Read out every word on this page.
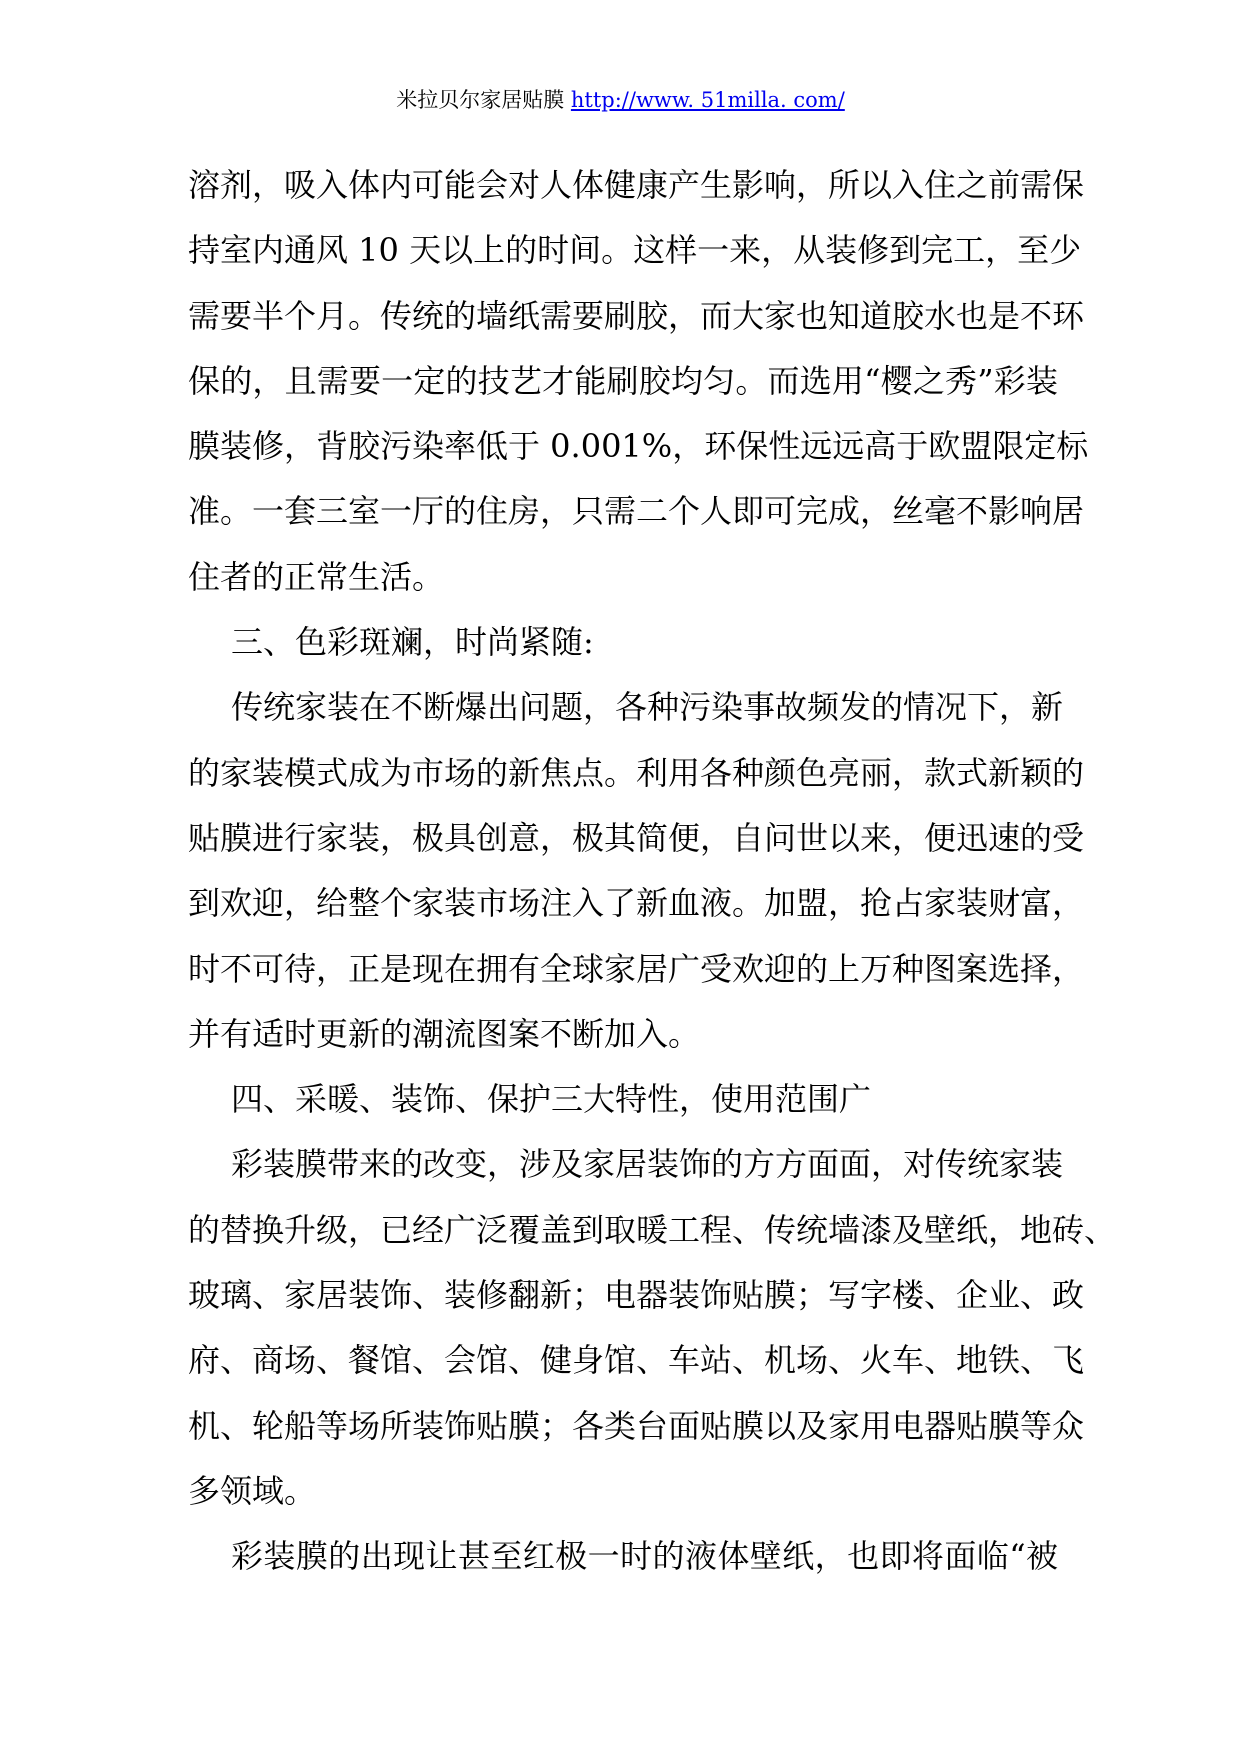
米拉贝尔家居贴膜 http://www. 51milla. com/
溶剂，吸入体内可能会对人体健康产生影响，所以入住之前需保
持室内通风 10 天以上的时间。这样一来，从装修到完工，至少
需要半个月。传统的墙纸需要刷胶，而大家也知道胶水也是不环
保的，且需要一定的技艺才能刷胶均匀。而选用“樱之秀”彩装
膜装修，背胶污染率低于 0.001%，环保性远远高于欧盟限定标
准。一套三室一厅的住房，只需二个人即可完成，丝毫不影响居
住者的正常生活。
三、色彩斑斓，时尚紧随:
传统家装在不断爆出问题，各种污染事故频发的情况下，新
的家装模式成为市场的新焦点。利用各种颜色亮丽，款式新颖的
贴膜进行家装，极具创意，极其简便，自问世以来，便迅速的受
到欢迎，给整个家装市场注入了新血液。加盟，抢占家装财富，
时不可待，正是现在拥有全球家居广受欢迎的上万种图案选择，
并有适时更新的潮流图案不断加入。
四、采暖、装饰、保护三大特性，使用范围广
彩装膜带来的改变，涉及家居装饰的方方面面，对传统家装
的替换升级，已经广泛覆盖到取暖工程、传统墙漆及壁纸，地砖、
玻璃、家居装饰、装修翻新；电器装饰贴膜；写字楼、企业、政
府、商场、餐馆、会馆、健身馆、车站、机场、火车、地铁、飞
机、轮船等场所装饰贴膜；各类台面贴膜以及家用电器贴膜等众
多领域。
彩装膜的出现让甚至红极一时的液体壁纸，也即将面临“被
